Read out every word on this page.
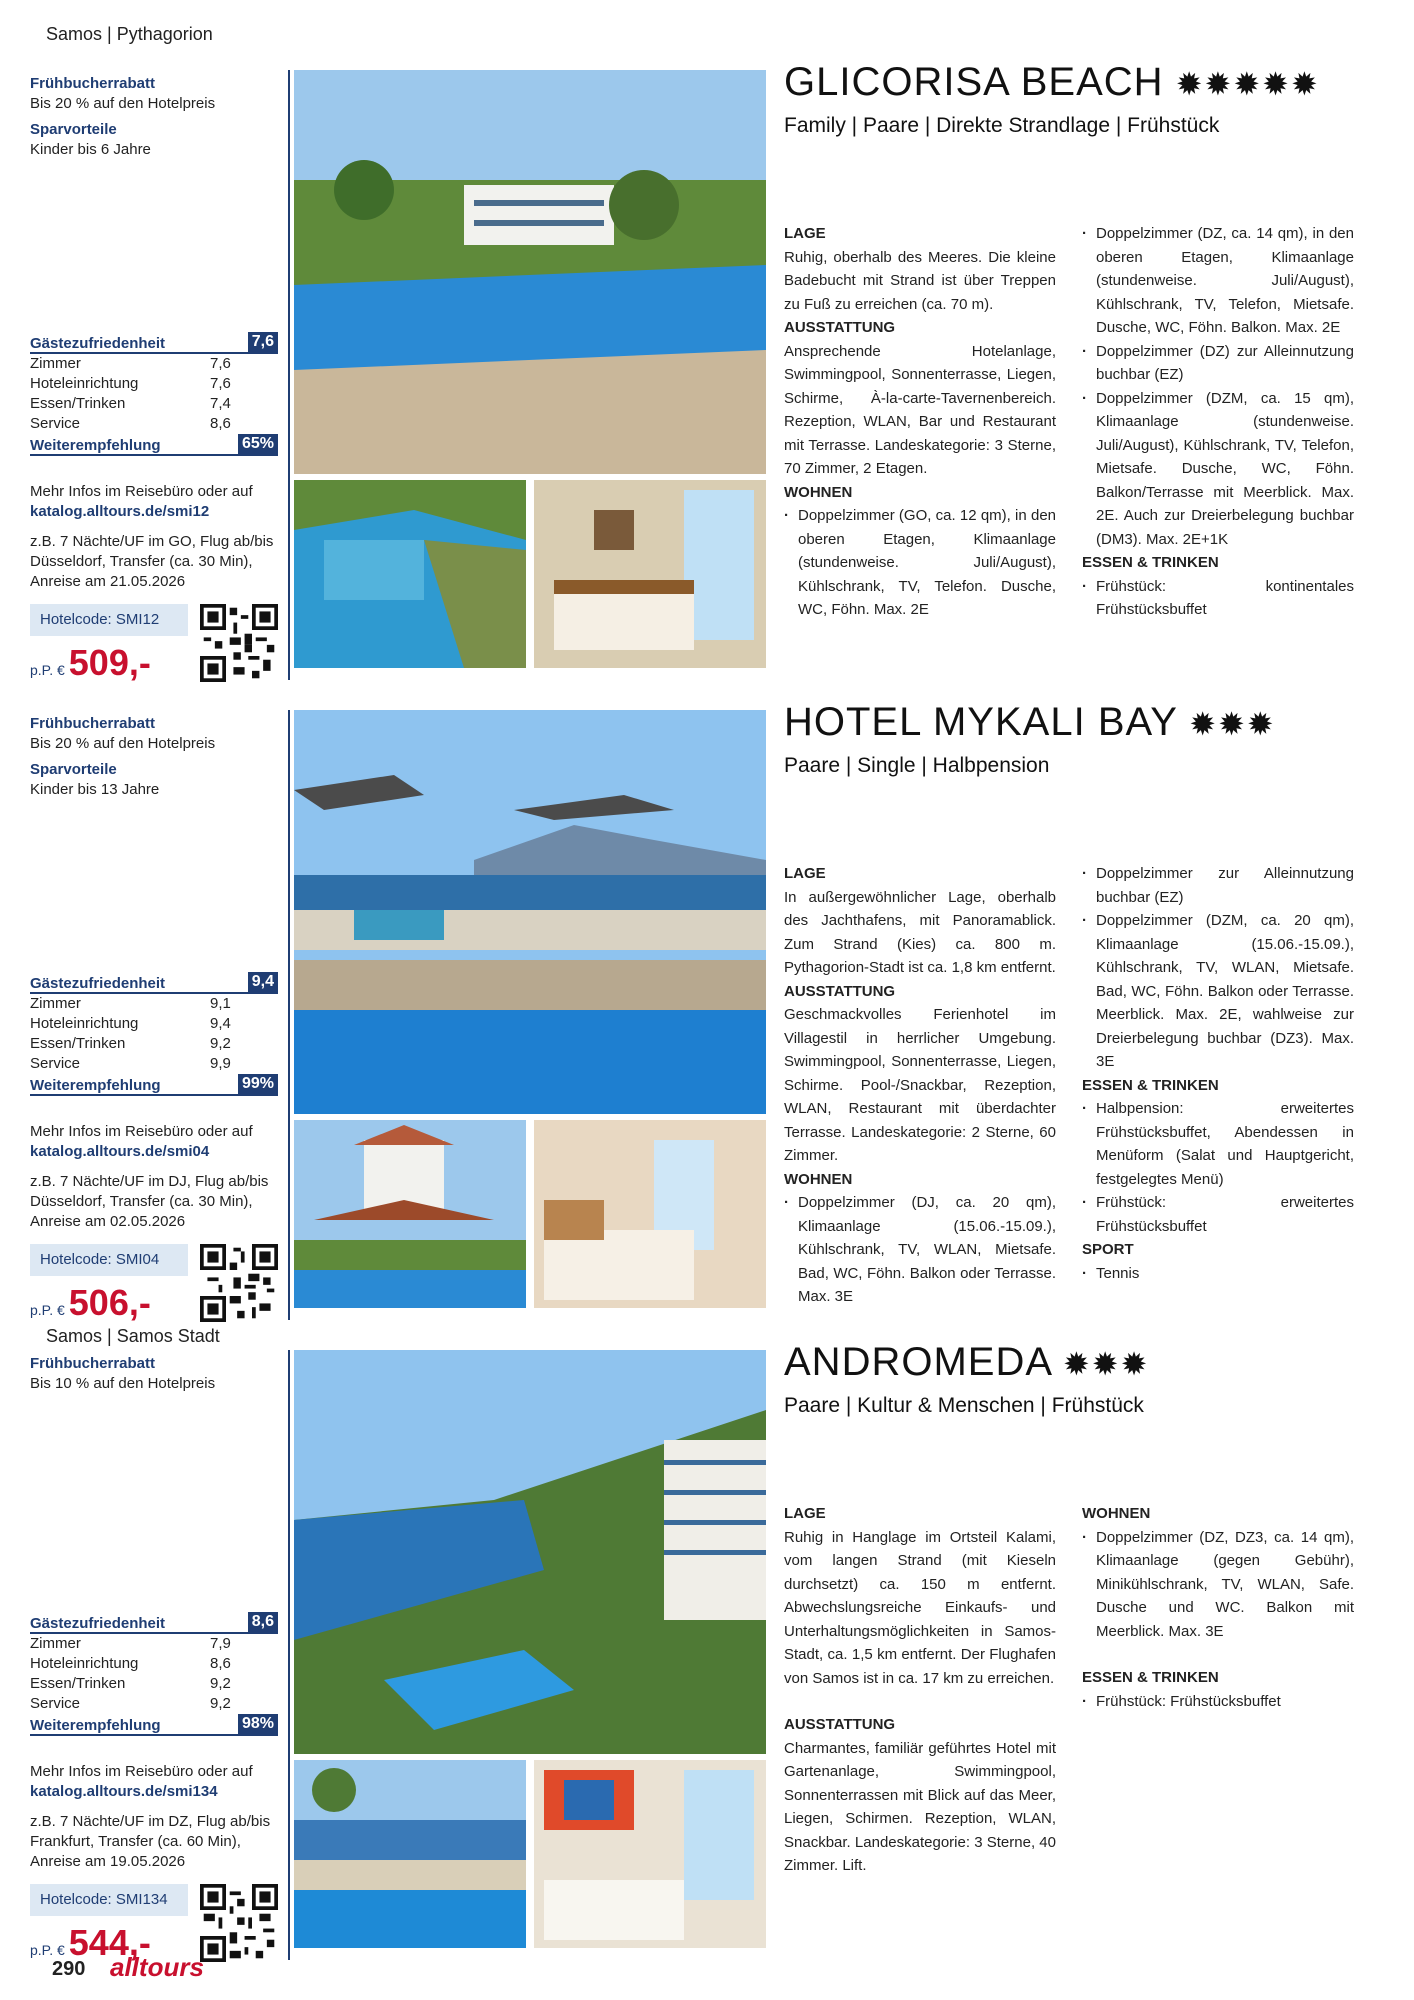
Samos | Pythagorion
Frühbucherrabatt
Bis 20 % auf den Hotelpreis
Sparvorteile
Kinder bis 6 Jahre
Gästezufriedenheit	7,6
Zimmer	7,6
Hoteleinrichtung	7,6
Essen/Trinken	7,4
Service	8,6
Weiterempfehlung	65%
Mehr Infos im Reisebüro oder auf
katalog.alltours.de/smi12
z.B. 7 Nächte/UF im GO, Flug ab/bis Düsseldorf, Transfer (ca. 30 Min), Anreise am 21.05.2026
Hotelcode: SMI12
p.P. € 509,-
GLICORISA BEACH ✹✹✹✹✹
Family | Paare | Direkte Strandlage | Frühstück
LAGE
Ruhig, oberhalb des Meeres. Die kleine Badebucht mit Strand ist über Treppen zu Fuß zu erreichen (ca. 70 m).
AUSSTATTUNG
Ansprechende Hotelanlage, Swimmingpool, Sonnenterrasse, Liegen, Schirme, À-la-carte-Tavernenbereich. Rezeption, WLAN, Bar und Restaurant mit Terrasse. Landeskategorie: 3 Sterne, 70 Zimmer, 2 Etagen.
WOHNEN
· Doppelzimmer (GO, ca. 12 qm), in den oberen Etagen, Klimaanlage (stundenweise. Juli/August), Kühlschrank, TV, Telefon. Dusche, WC, Föhn. Max. 2E
· Doppelzimmer (DZ, ca. 14 qm), in den oberen Etagen, Klimaanlage (stundenweise. Juli/August), Kühlschrank, TV, Telefon, Mietsafe. Dusche, WC, Föhn. Balkon. Max. 2E
· Doppelzimmer (DZ) zur Alleinnutzung buchbar (EZ)
· Doppelzimmer (DZM, ca. 15 qm), Klimaanlage (stundenweise. Juli/August), Kühlschrank, TV, Telefon, Mietsafe. Dusche, WC, Föhn. Balkon/Terrasse mit Meerblick. Max. 2E. Auch zur Dreierbelegung buchbar (DM3). Max. 2E+1K
ESSEN & TRINKEN
· Frühstück: kontinentales Frühstücksbuffet
Frühbucherrabatt
Bis 20 % auf den Hotelpreis
Sparvorteile
Kinder bis 13 Jahre
Gästezufriedenheit	9,4
Zimmer	9,1
Hoteleinrichtung	9,4
Essen/Trinken	9,2
Service	9,9
Weiterempfehlung	99%
Mehr Infos im Reisebüro oder auf
katalog.alltours.de/smi04
z.B. 7 Nächte/UF im DJ, Flug ab/bis Düsseldorf, Transfer (ca. 30 Min), Anreise am 02.05.2026
Hotelcode: SMI04
p.P. € 506,-
HOTEL MYKALI BAY ✹✹✹
Paare | Single | Halbpension
LAGE
In außergewöhnlicher Lage, oberhalb des Jachthafens, mit Panoramablick. Zum Strand (Kies) ca. 800 m. Pythagorion-Stadt ist ca. 1,8 km entfernt.
AUSSTATTUNG
Geschmackvolles Ferienhotel im Villagestil in herrlicher Umgebung. Swimmingpool, Sonnenterrasse, Liegen, Schirme. Pool-/Snackbar, Rezeption, WLAN, Restaurant mit überdachter Terrasse. Landeskategorie: 2 Sterne, 60 Zimmer.
WOHNEN
· Doppelzimmer (DJ, ca. 20 qm), Klimaanlage (15.06.-15.09.), Kühlschrank, TV, WLAN, Mietsafe. Bad, WC, Föhn. Balkon oder Terrasse. Max. 3E
· Doppelzimmer zur Alleinnutzung buchbar (EZ)
· Doppelzimmer (DZM, ca. 20 qm), Klimaanlage (15.06.-15.09.), Kühlschrank, TV, WLAN, Mietsafe. Bad, WC, Föhn. Balkon oder Terrasse. Meerblick. Max. 2E, wahlweise zur Dreierbelegung buchbar (DZ3). Max. 3E
ESSEN & TRINKEN
· Halbpension: erweitertes Frühstücksbuffet, Abendessen in Menüform (Salat und Hauptgericht, festgelegtes Menü)
· Frühstück: erweitertes Frühstücksbuffet
SPORT
· Tennis
Samos | Samos Stadt
Frühbucherrabatt
Bis 10 % auf den Hotelpreis
Gästezufriedenheit	8,6
Zimmer	7,9
Hoteleinrichtung	8,6
Essen/Trinken	9,2
Service	9,2
Weiterempfehlung	98%
Mehr Infos im Reisebüro oder auf
katalog.alltours.de/smi134
z.B. 7 Nächte/UF im DZ, Flug ab/bis Frankfurt, Transfer (ca. 60 Min), Anreise am 19.05.2026
Hotelcode: SMI134
p.P. € 544,-
ANDROMEDA ✹✹✹
Paare | Kultur & Menschen | Frühstück
LAGE
Ruhig in Hanglage im Ortsteil Kalami, vom langen Strand (mit Kieseln durchsetzt) ca. 150 m entfernt. Abwechslungsreiche Einkaufs- und Unterhaltungsmöglichkeiten in Samos-Stadt, ca. 1,5 km entfernt. Der Flughafen von Samos ist in ca. 17 km zu erreichen.
AUSSTATTUNG
Charmantes, familiär geführtes Hotel mit Gartenanlage, Swimmingpool, Sonnenterrassen mit Blick auf das Meer, Liegen, Schirmen. Rezeption, WLAN, Snackbar. Landeskategorie: 3 Sterne, 40 Zimmer. Lift.
WOHNEN
· Doppelzimmer (DZ, DZ3, ca. 14 qm), Klimaanlage (gegen Gebühr), Minikühlschrank, TV, WLAN, Safe. Dusche und WC. Balkon mit Meerblick. Max. 3E
ESSEN & TRINKEN
· Frühstück: Frühstücksbuffet
290 alltours
